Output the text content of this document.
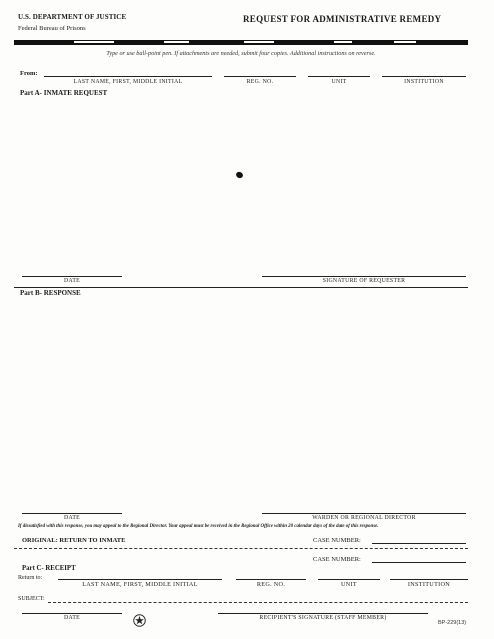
U.S. DEPARTMENT OF JUSTICE
Federal Bureau of Prisons
REQUEST FOR ADMINISTRATIVE REMEDY
Type or use ball-point pen. If attachments are needed, submit four copies. Additional instructions on reverse.
From:
LAST NAME, FIRST, MIDDLE INITIAL	REG. NO.	UNIT	INSTITUTION
Part A- INMATE REQUEST
DATE	SIGNATURE OF REQUESTER
Part B- RESPONSE
DATE	WARDEN OR REGIONAL DIRECTOR
If dissatisfied with this response, you may appeal to the Regional Director. Your appeal must be received in the Regional Office within 20 calendar days of the date of this response.
ORIGINAL: RETURN TO INMATE	CASE NUMBER:
CASE NUMBER:
Part C- RECEIPT
Return to:
LAST NAME, FIRST, MIDDLE INITIAL	REG. NO.	UNIT	INSTITUTION
SUBJECT:
DATE	RECIPIENT'S SIGNATURE (STAFF MEMBER)
BP-229(13)
